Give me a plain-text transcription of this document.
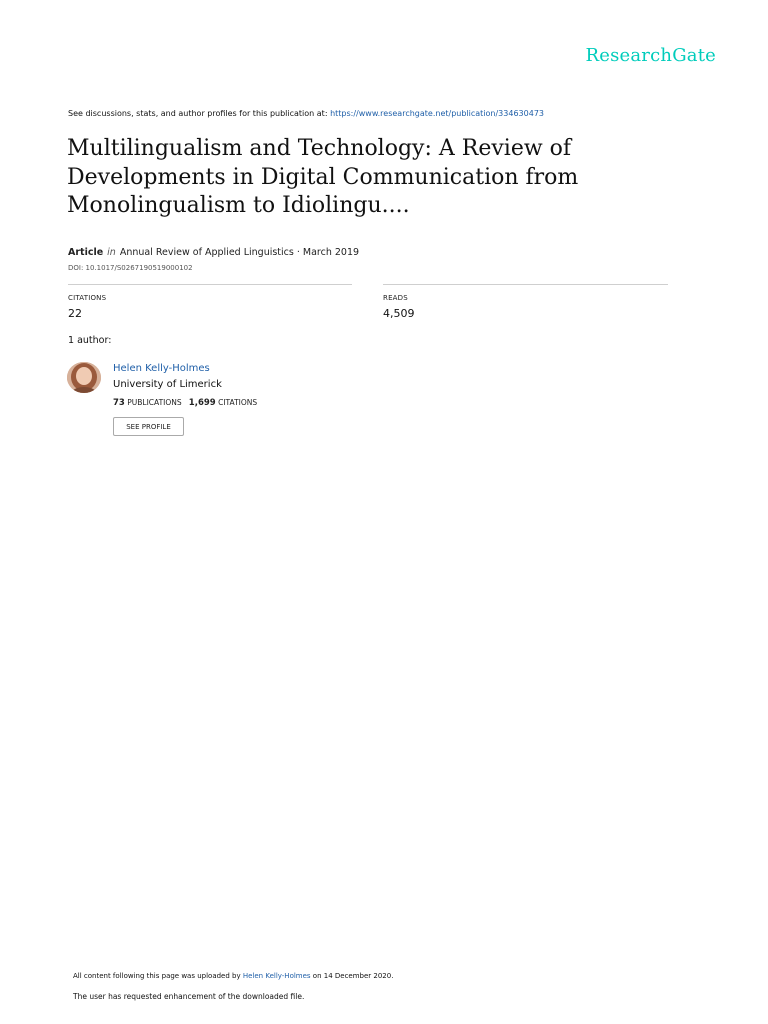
ResearchGate
See discussions, stats, and author profiles for this publication at: https://www.researchgate.net/publication/334630473
Multilingualism and Technology: A Review of Developments in Digital Communication from Monolingualism to Idiolingu....
Article in Annual Review of Applied Linguistics · March 2019
DOI: 10.1017/S0267190519000102
CITATIONS
22
READS
4,509
1 author:
Helen Kelly-Holmes
University of Limerick
73 PUBLICATIONS 1,699 CITATIONS
SEE PROFILE
All content following this page was uploaded by Helen Kelly-Holmes on 14 December 2020.
The user has requested enhancement of the downloaded file.
